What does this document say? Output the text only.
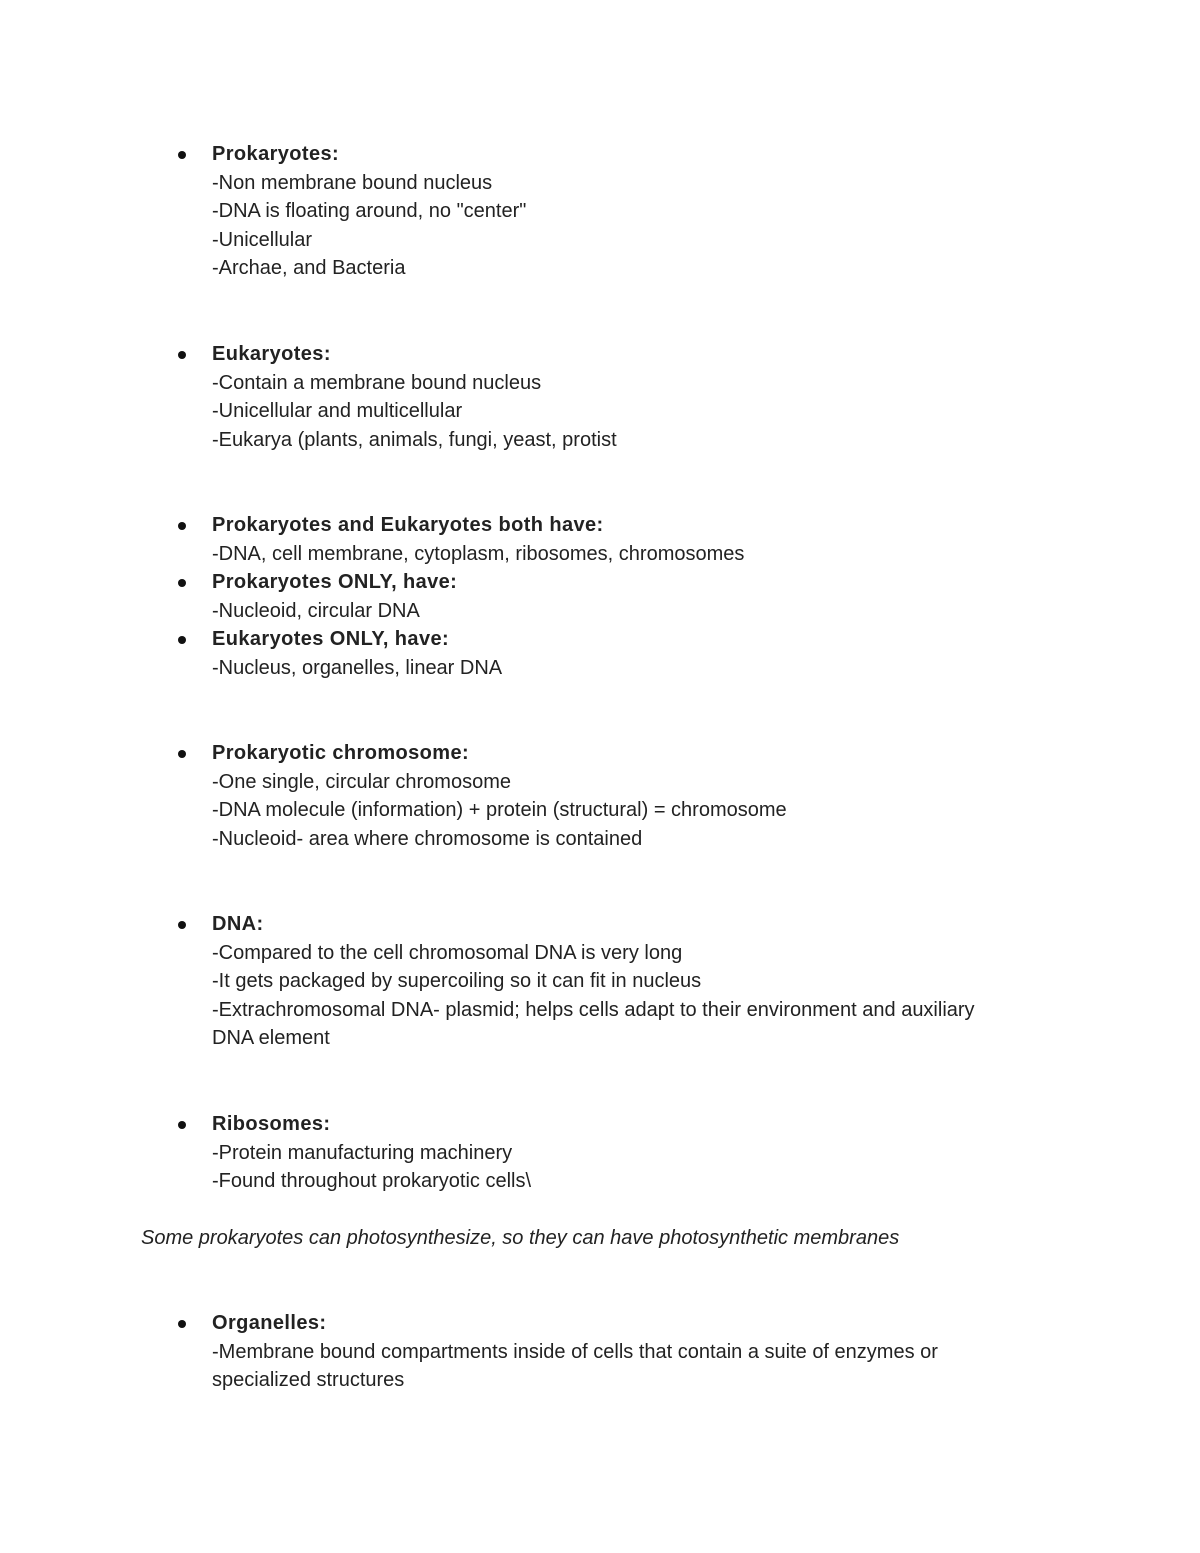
Prokaryotes:
-Non membrane bound nucleus
-DNA is floating around, no "center"
-Unicellular
-Archae, and Bacteria
Eukaryotes:
-Contain a membrane bound nucleus
-Unicellular and multicellular
-Eukarya (plants, animals, fungi, yeast, protist
Prokaryotes and Eukaryotes both have:
-DNA, cell membrane, cytoplasm, ribosomes, chromosomes
Prokaryotes ONLY, have:
-Nucleoid, circular DNA
Eukaryotes ONLY, have:
-Nucleus, organelles, linear DNA
Prokaryotic chromosome:
-One single, circular chromosome
-DNA molecule (information) + protein (structural) = chromosome
-Nucleoid- area where chromosome is contained
DNA:
-Compared to the cell chromosomal DNA is very long
-It gets packaged by supercoiling so it can fit in nucleus
-Extrachromosomal DNA- plasmid; helps cells adapt to their environment and auxiliary
DNA element
Ribosomes:
-Protein manufacturing machinery
-Found throughout prokaryotic cells\
Some prokaryotes can photosynthesize, so they can have photosynthetic membranes
Organelles:
-Membrane bound compartments inside of cells that contain a suite of enzymes or
specialized structures
